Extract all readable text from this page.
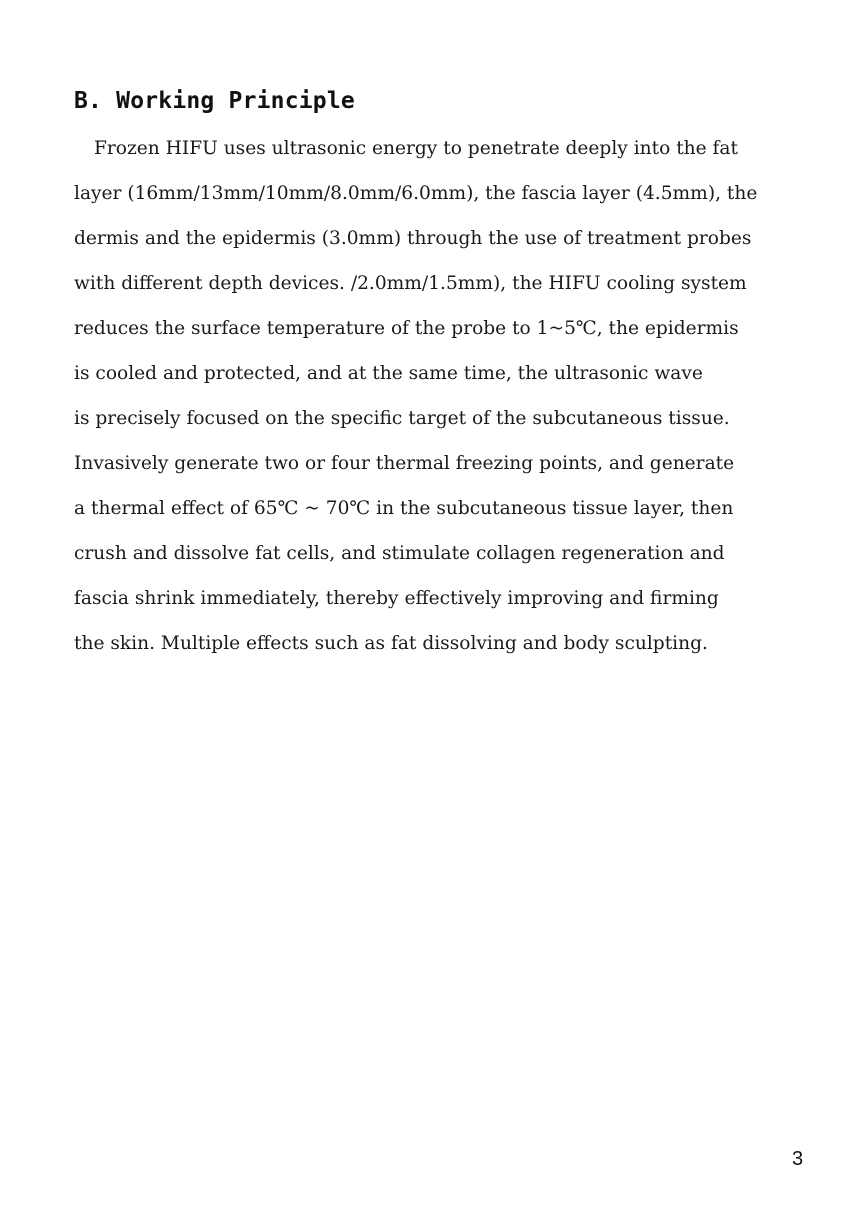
B. Working Principle
Frozen HIFU uses ultrasonic energy to penetrate deeply into the fat
layer (16mm/13mm/10mm/8.0mm/6.0mm), the fascia layer (4.5mm), the
dermis and the epidermis (3.0mm) through the use of treatment probes
with different depth devices. /2.0mm/1.5mm), the HIFU cooling system
reduces the surface temperature of the probe to 1~5℃, the epidermis
is cooled and protected, and at the same time, the ultrasonic wave
is precisely focused on the specific target of the subcutaneous tissue.
Invasively generate two or four thermal freezing points, and generate
a thermal effect of 65℃ ~ 70℃ in the subcutaneous tissue layer, then
crush and dissolve fat cells, and stimulate collagen regeneration and
fascia shrink immediately, thereby effectively improving and firming
the skin. Multiple effects such as fat dissolving and body sculpting.
3
